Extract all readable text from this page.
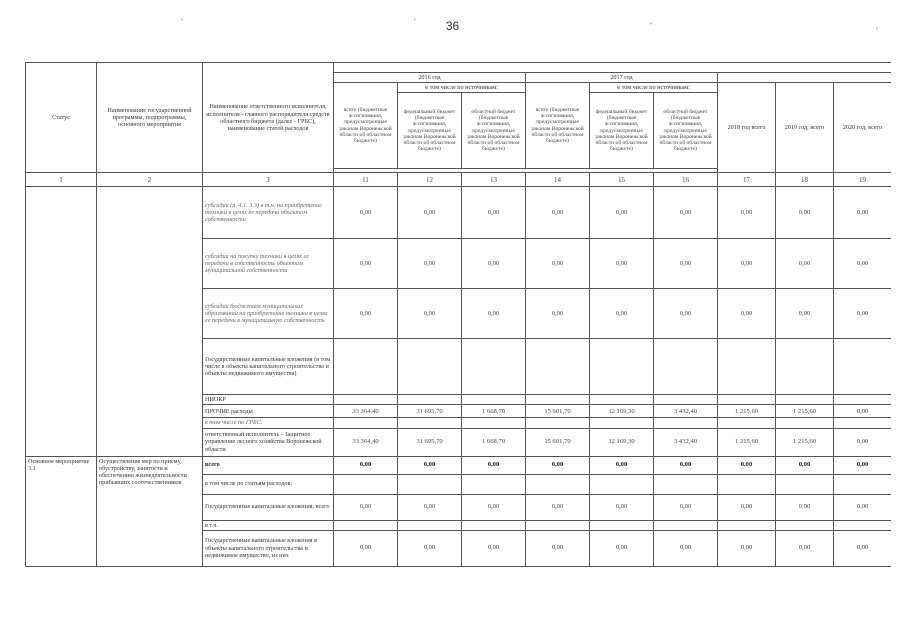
36
'	'	'	'
Статус	Наименование государственной программы, подпрограммы, основного мероприятия	Наименование ответственного исполнителя, исполнителя - главного распорядителя средств областного бюджета (далее - ГРБС), наименование статей расходов									
			2016 год			2017 год					
			всего (бюджетные ассигнования, предусмотренные законом Воронежской области об областном бюджете)	в том числе по источникам:		всего (бюджетные ассигнования, предусмотренные законом Воронежской области об областном бюджете)	в том числе по источникам:		2018 год всего	2019 год, всего	2020 год, всего
				федеральный бюджет (бюджетные ассигнования, предусмотренные законом Воронежской области об областном бюджете)	областной бюджет (бюджетные ассигнования, предусмотренные законом Воронежской области об областном бюджете)		федеральный бюджет (бюджетные ассигнования, предусмотренные законом Воронежской области об областном бюджете)	областной бюджет (бюджетные ассигнования, предусмотренные законом Воронежской области об областном бюджете)			

1	2	3	11	12	13	14	15	16	17	18	19
		субсидии (п. 4.1. 3.3) в т.ч. на приобретение техники в целях ее передачи объектам собственности	0,00	0,00	0,00	0,00	0,00	0,00	0,00	0,00	0,00
		субсидии на покупку техники в целях ее передачи в собственность объектам муниципальной собственности	0,00	0,00	0,00	0,00	0,00	0,00	0,00	0,00	0,00
		субсидии бюджетам муниципальных образований на приобретение техники в целях ее передачи в муниципальную собственность	0,00	0,00	0,00	0,00	0,00	0,00	0,00	0,00	0,00
		Государственные капитальные вложения (в том числе в объекты капитального строительства и объекты недвижимого имущества)									
		НИОКР									
		ПРОЧИЕ расходы	33 364,40	31 695,70	1 668,70	15 601,70	12 169,30	3 432,40	1 215,60	1 215,60	0,00
		в том числе по ГРБС:									
		ответственный исполнитель - Защитное управление лесного хозяйства Воронежской области	33 364,40	31 695,70	1 668,70	15 601,70	12 169,30	3 432,40	1 215,60	1 215,60	0,00
Основное мероприятие 3.1	Осуществление мер по приему, обустройству, занятости и обеспечению жизнедеятельности прибывших соотечественников	всего	0,00	0,00	0,00	0,00	0,00	0,00	0,00	0,00	0,00
		в том числе по статьям расходов:									
		Государственные капитальные вложения, всего	0,00	0,00	0,00	0,00	0,00	0,00	0,00	0,00	0,00
		в т.ч.									
		Государственные капитальные вложения в объекты капитального строительства и недвижимое имущество, из них	0,00	0,00	0,00	0,00	0,00	0,00	0,00	0,00	0,00
